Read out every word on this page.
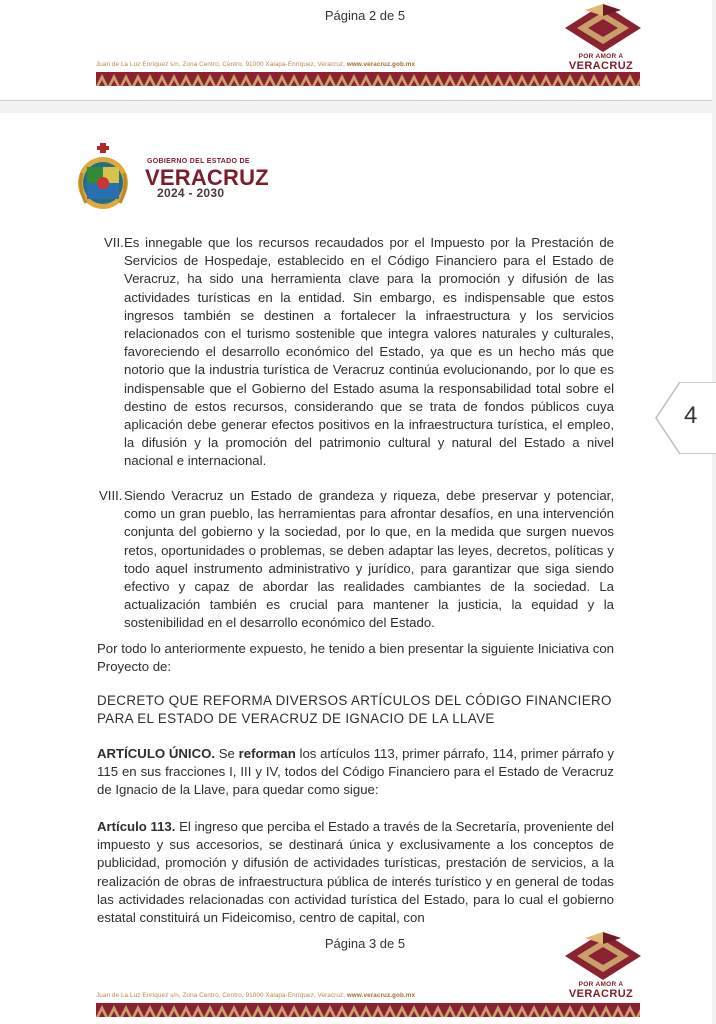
Página 2 de 5
POR AMOR A
VERACRUZ
Juan de La Luz Enríquez s/n, Zona Centro, Centro, 91000 Xalapa-Enríquez, Veracruz, www.veracruz.gob.mx
GOBIERNO DEL ESTADO DE
VERACRUZ
2024 - 2030
4
VII. Es innegable que los recursos recaudados por el Impuesto por la Prestación de Servicios de Hospedaje, establecido en el Código Financiero para el Estado de Veracruz, ha sido una herramienta clave para la promoción y difusión de las actividades turísticas en la entidad. Sin embargo, es indispensable que estos ingresos también se destinen a fortalecer la infraestructura y los servicios relacionados con el turismo sostenible que integra valores naturales y culturales, favoreciendo el desarrollo económico del Estado, ya que es un hecho más que notorio que la industria turística de Veracruz continúa evolucionando, por lo que es indispensable que el Gobierno del Estado asuma la responsabilidad total sobre el destino de estos recursos, considerando que se trata de fondos públicos cuya aplicación debe generar efectos positivos en la infraestructura turística, el empleo, la difusión y la promoción del patrimonio cultural y natural del Estado a nivel nacional e internacional.
VIII. Siendo Veracruz un Estado de grandeza y riqueza, debe preservar y potenciar, como un gran pueblo, las herramientas para afrontar desafíos, en una intervención conjunta del gobierno y la sociedad, por lo que, en la medida que surgen nuevos retos, oportunidades o problemas, se deben adaptar las leyes, decretos, políticas y todo aquel instrumento administrativo y jurídico, para garantizar que siga siendo efectivo y capaz de abordar las realidades cambiantes de la sociedad. La actualización también es crucial para mantener la justicia, la equidad y la sostenibilidad en el desarrollo económico del Estado.
Por todo lo anteriormente expuesto, he tenido a bien presentar la siguiente Iniciativa con Proyecto de:
DECRETO QUE REFORMA DIVERSOS ARTÍCULOS DEL CÓDIGO FINANCIERO
PARA EL ESTADO DE VERACRUZ DE IGNACIO DE LA LLAVE
ARTÍCULO ÚNICO. Se reforman los artículos 113, primer párrafo, 114, primer párrafo y 115 en sus fracciones I, III y IV, todos del Código Financiero para el Estado de Veracruz de Ignacio de la Llave, para quedar como sigue:
Artículo 113. El ingreso que perciba el Estado a través de la Secretaría, proveniente del impuesto y sus accesorios, se destinará única y exclusivamente a los conceptos de publicidad, promoción y difusión de actividades turísticas, prestación de servicios, a la realización de obras de infraestructura pública de interés turístico y en general de todas las actividades relacionadas con actividad turística del Estado, para lo cual el gobierno estatal constituirá un Fideicomiso, centro de capital, con
Página 3 de 5
POR AMOR A
VERACRUZ
Juan de La Luz Enríquez s/n, Zona Centro, Centro, 91000 Xalapa-Enríquez, Veracruz, www.veracruz.gob.mx
